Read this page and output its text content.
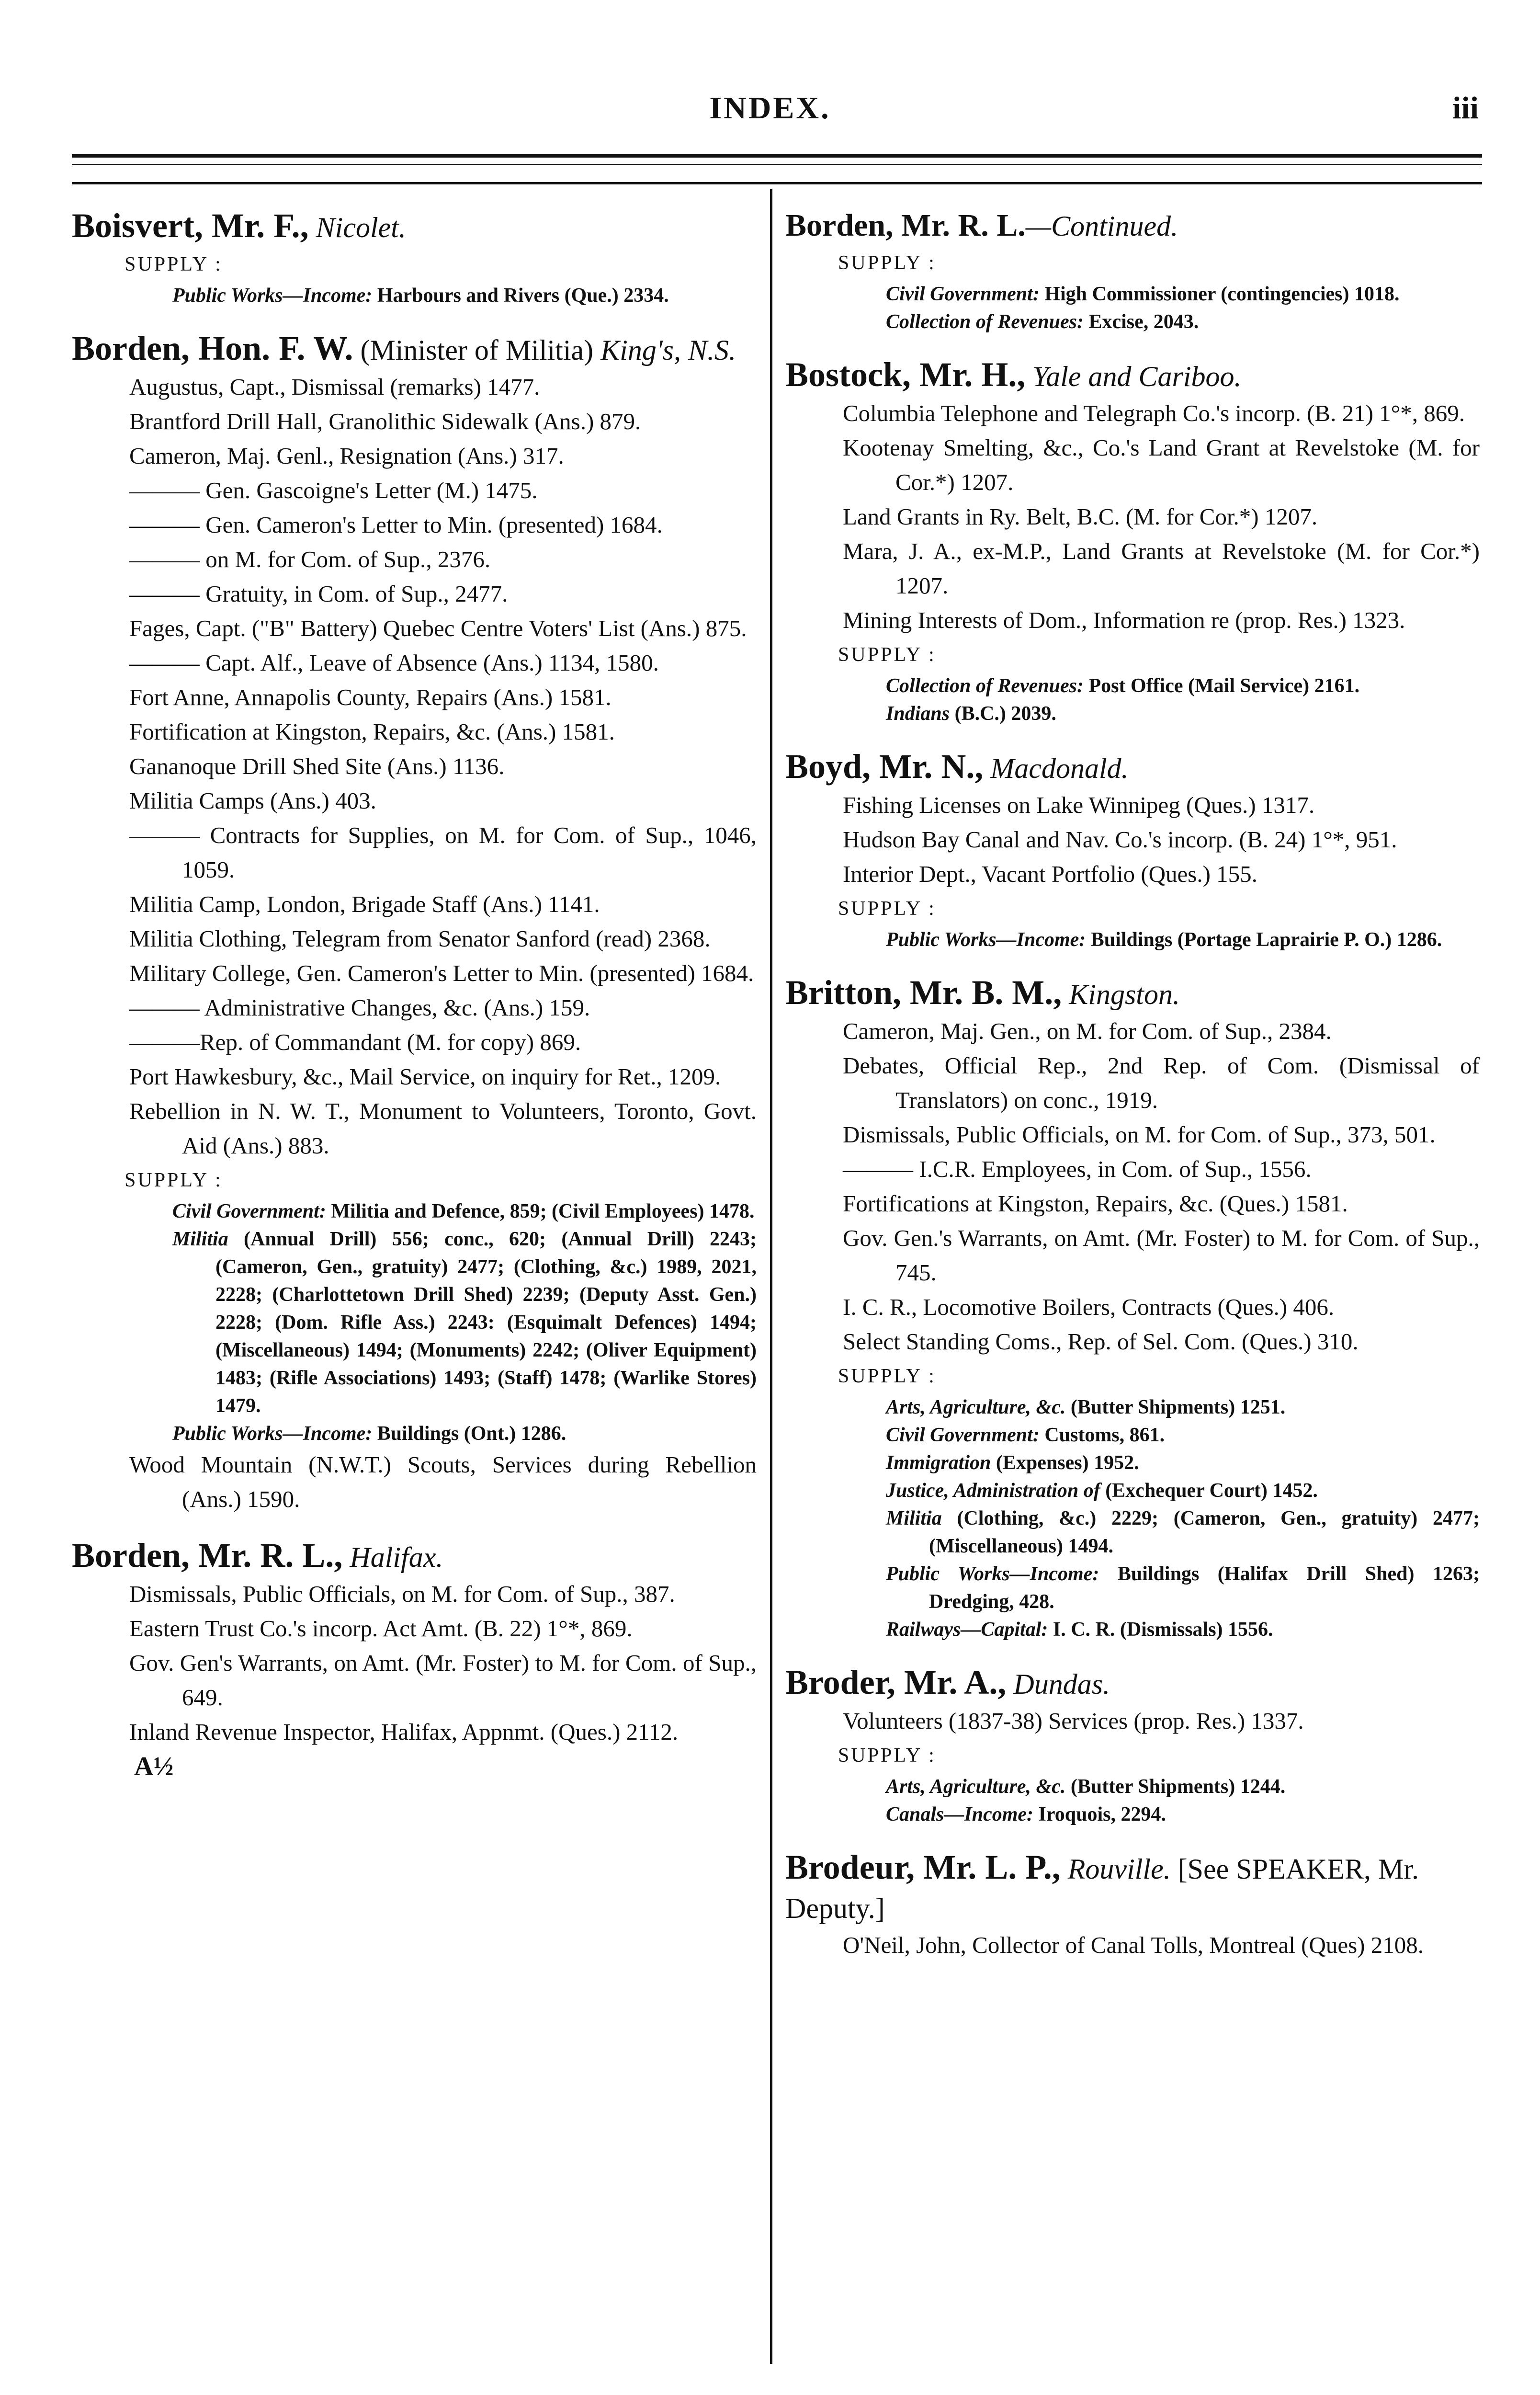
INDEX.	iii
Boisvert, Mr. F., Nicolet.
SUPPLY :
Public Works—Income: Harbours and Rivers (Que.) 2334.
Borden, Hon. F. W. (Minister of Militia) King's, N.S.
Augustus, Capt., Dismissal (remarks) 1477.
Brantford Drill Hall, Granolithic Sidewalk (Ans.) 879.
Cameron, Maj. Genl., Resignation (Ans.) 317.
——— Gen. Gascoigne's Letter (M.) 1475.
——— Gen. Cameron's Letter to Min. (presented) 1684.
——— on M. for Com. of Sup., 2376.
——— Gratuity, in Com. of Sup., 2477.
Fages, Capt. ("B" Battery) Quebec Centre Voters' List (Ans.) 875.
——— Capt. Alf., Leave of Absence (Ans.) 1134, 1580.
Fort Anne, Annapolis County, Repairs (Ans.) 1581.
Fortification at Kingston, Repairs, &c. (Ans.) 1581.
Gananoque Drill Shed Site (Ans.) 1136.
Militia Camps (Ans.) 403.
——— Contracts for Supplies, on M. for Com. of Sup., 1046, 1059.
Militia Camp, London, Brigade Staff (Ans.) 1141.
Militia Clothing, Telegram from Senator Sanford (read) 2368.
Military College, Gen. Cameron's Letter to Min. (presented) 1684.
——— Administrative Changes, &c. (Ans.) 159.
———Rep. of Commandant (M. for copy) 869.
Port Hawkesbury, &c., Mail Service, on inquiry for Ret., 1209.
Rebellion in N. W. T., Monument to Volunteers, Toronto, Govt. Aid (Ans.) 883.
SUPPLY :
Civil Government: Militia and Defence, 859; (Civil Employees) 1478.
Militia (Annual Drill) 556; conc., 620; (Annual Drill) 2243; (Cameron, Gen., gratuity) 2477; (Clothing, &c.) 1989, 2021, 2228; (Charlottetown Drill Shed) 2239; (Deputy Asst. Gen.) 2228; (Dom. Rifle Ass.) 2243: (Esquimalt Defences) 1494; (Miscellaneous) 1494; (Monuments) 2242; (Oliver Equipment) 1483; (Rifle Associations) 1493; (Staff) 1478; (Warlike Stores) 1479.
Public Works—Income: Buildings (Ont.) 1286.
Wood Mountain (N.W.T.) Scouts, Services during Rebellion (Ans.) 1590.
Borden, Mr. R. L., Halifax.
Dismissals, Public Officials, on M. for Com. of Sup., 387.
Eastern Trust Co.'s incorp. Act Amt. (B. 22) 1°*, 869.
Gov. Gen's Warrants, on Amt. (Mr. Foster) to M. for Com. of Sup., 649.
Inland Revenue Inspector, Halifax, Appnmt. (Ques.) 2112.
A½
Borden, Mr. R. L.—Continued.
SUPPLY :
Civil Government: High Commissioner (contingencies) 1018.
Collection of Revenues: Excise, 2043.
Bostock, Mr. H., Yale and Cariboo.
Columbia Telephone and Telegraph Co.'s incorp. (B. 21) 1°*, 869.
Kootenay Smelting, &c., Co.'s Land Grant at Revelstoke (M. for Cor.*) 1207.
Land Grants in Ry. Belt, B.C. (M. for Cor.*) 1207.
Mara, J. A., ex-M.P., Land Grants at Revelstoke (M. for Cor.*) 1207.
Mining Interests of Dom., Information re (prop. Res.) 1323.
SUPPLY :
Collection of Revenues: Post Office (Mail Service) 2161.
Indians (B.C.) 2039.
Boyd, Mr. N., Macdonald.
Fishing Licenses on Lake Winnipeg (Ques.) 1317.
Hudson Bay Canal and Nav. Co.'s incorp. (B. 24) 1°*, 951.
Interior Dept., Vacant Portfolio (Ques.) 155.
SUPPLY :
Public Works—Income: Buildings (Portage Laprairie P. O.) 1286.
Britton, Mr. B. M., Kingston.
Cameron, Maj. Gen., on M. for Com. of Sup., 2384.
Debates, Official Rep., 2nd Rep. of Com. (Dismissal of Translators) on conc., 1919.
Dismissals, Public Officials, on M. for Com. of Sup., 373, 501.
——— I.C.R. Employees, in Com. of Sup., 1556.
Fortifications at Kingston, Repairs, &c. (Ques.) 1581.
Gov. Gen.'s Warrants, on Amt. (Mr. Foster) to M. for Com. of Sup., 745.
I. C. R., Locomotive Boilers, Contracts (Ques.) 406.
Select Standing Coms., Rep. of Sel. Com. (Ques.) 310.
SUPPLY :
Arts, Agriculture, &c. (Butter Shipments) 1251.
Civil Government: Customs, 861.
Immigration (Expenses) 1952.
Justice, Administration of (Exchequer Court) 1452.
Militia (Clothing, &c.) 2229; (Cameron, Gen., gratuity) 2477; (Miscellaneous) 1494.
Public Works—Income: Buildings (Halifax Drill Shed) 1263; Dredging, 428.
Railways—Capital: I. C. R. (Dismissals) 1556.
Broder, Mr. A., Dundas.
Volunteers (1837-38) Services (prop. Res.) 1337.
SUPPLY :
Arts, Agriculture, &c. (Butter Shipments) 1244.
Canals—Income: Iroquois, 2294.
Brodeur, Mr. L. P., Rouville. [See SPEAKER, Mr. Deputy.]
O'Neil, John, Collector of Canal Tolls, Montreal (Ques) 2108.
